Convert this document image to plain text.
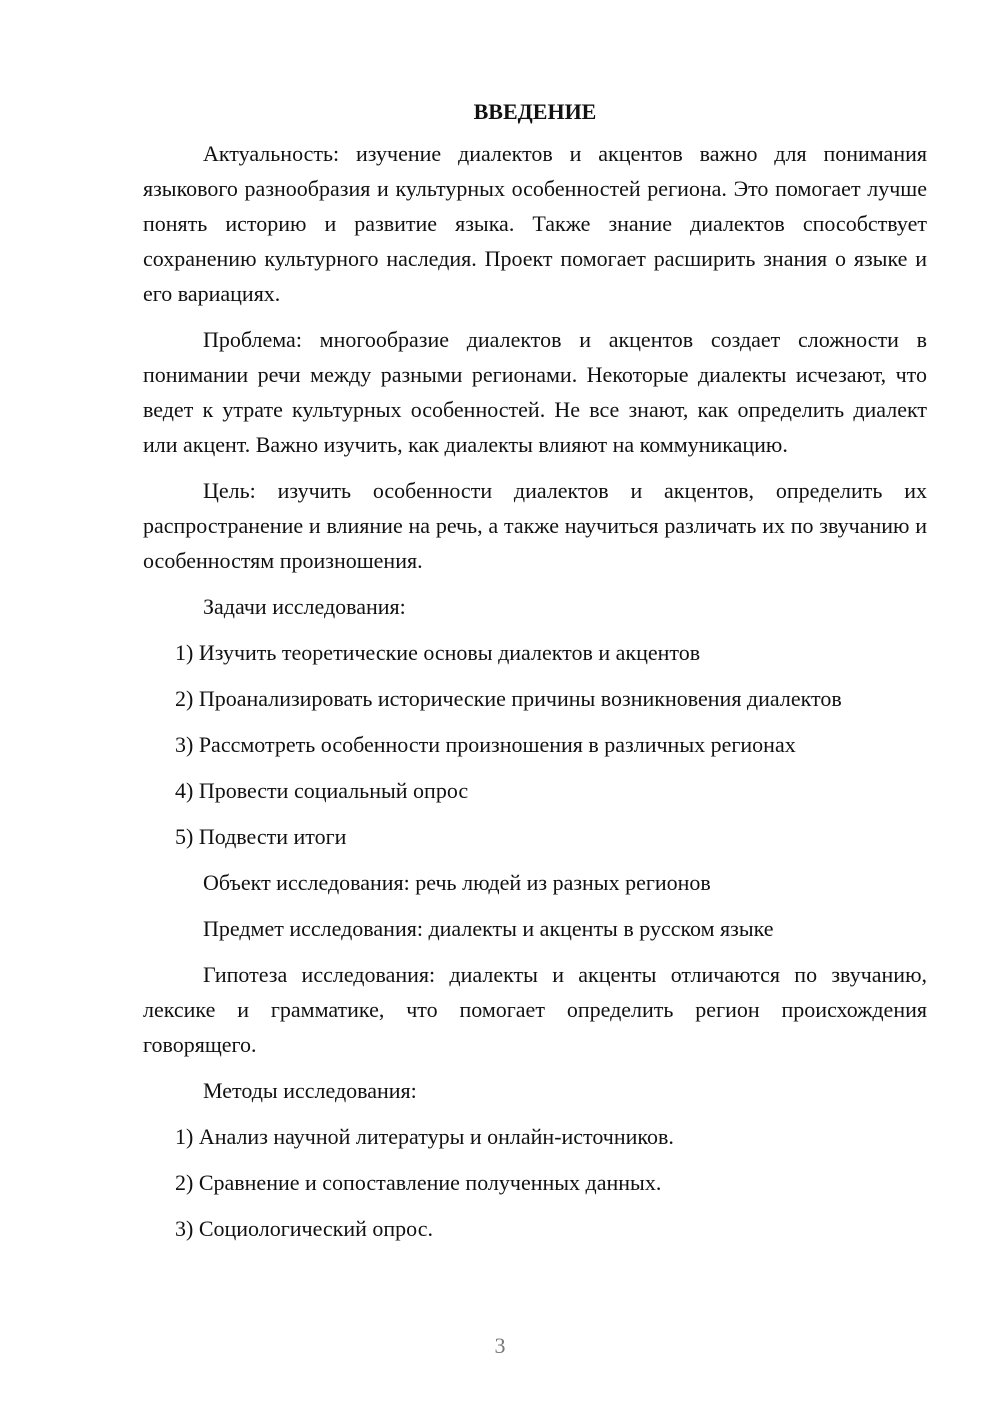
ВВЕДЕНИЕ
Актуальность: изучение диалектов и акцентов важно для понимания языкового разнообразия и культурных особенностей региона. Это помогает лучше понять историю и развитие языка. Также знание диалектов способствует сохранению культурного наследия. Проект помогает расширить знания о языке и его вариациях.
Проблема: многообразие диалектов и акцентов создает сложности в понимании речи между разными регионами. Некоторые диалекты исчезают, что ведет к утрате культурных особенностей. Не все знают, как определить диалект или акцент. Важно изучить, как диалекты влияют на коммуникацию.
Цель: изучить особенности диалектов и акцентов, определить их распространение и влияние на речь, а также научиться различать их по звучанию и особенностям произношения.
Задачи исследования:
1) Изучить теоретические основы диалектов и акцентов
2) Проанализировать исторические причины возникновения диалектов
3) Рассмотреть особенности произношения в различных регионах
4) Провести социальный опрос
5) Подвести итоги
Объект исследования: речь людей из разных регионов
Предмет исследования: диалекты и акценты в русском языке
Гипотеза исследования: диалекты и акценты отличаются по звучанию, лексике и грамматике, что помогает определить регион происхождения говорящего.
Методы исследования:
1) Анализ научной литературы и онлайн-источников.
2) Сравнение и сопоставление полученных данных.
3) Социологический опрос.
3
